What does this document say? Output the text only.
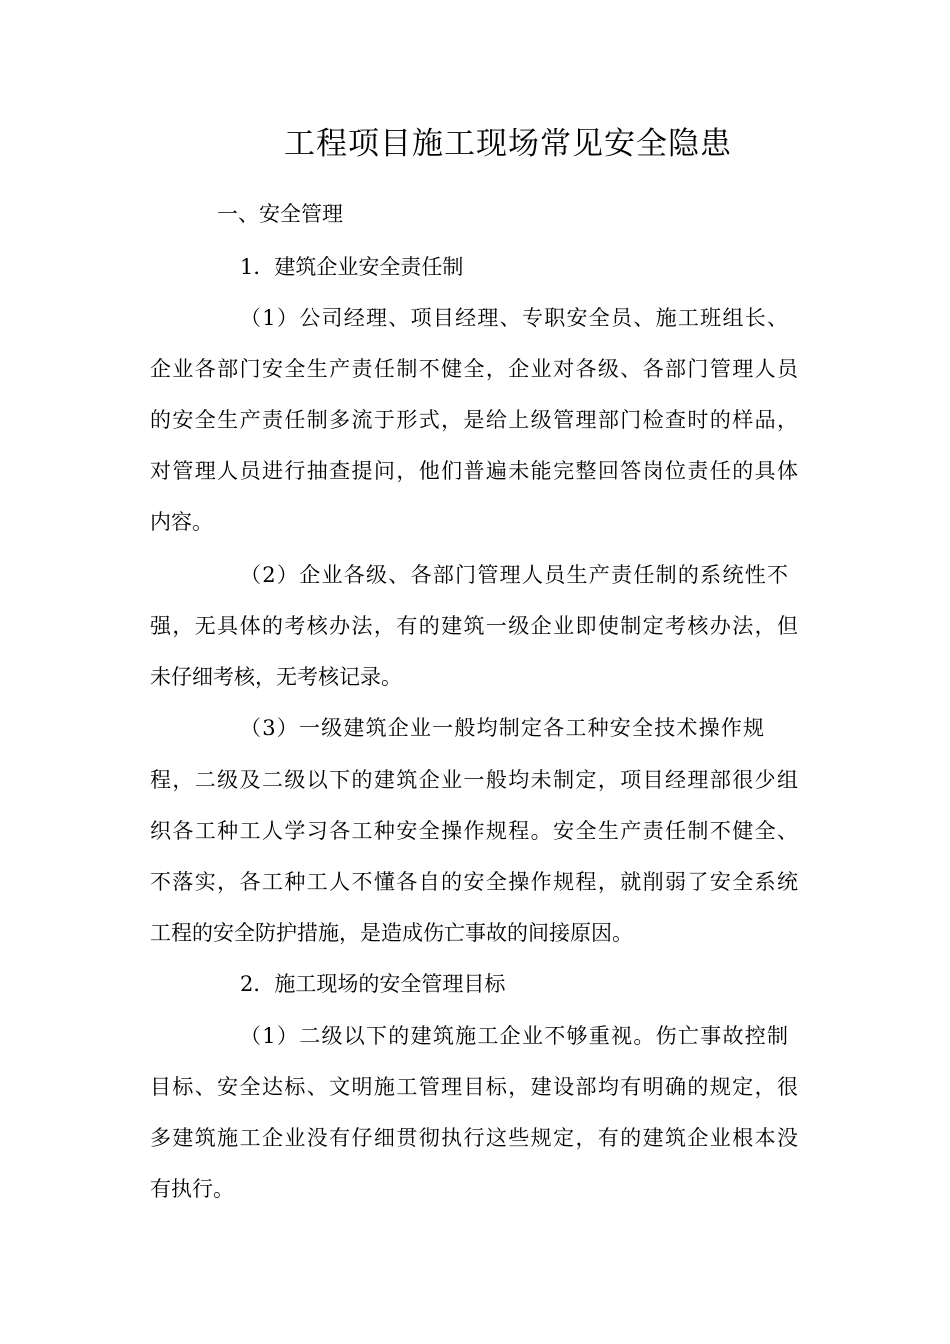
工程项目施工现场常见安全隐患
一、安全管理
1．建筑企业安全责任制
（1）公司经理、项目经理、专职安全员、施工班组长、
企业各部门安全生产责任制不健全，企业对各级、各部门管理人员
的安全生产责任制多流于形式，是给上级管理部门检查时的样品，
对管理人员进行抽查提问，他们普遍未能完整回答岗位责任的具体
内容。
（2）企业各级、各部门管理人员生产责任制的系统性不
强，无具体的考核办法，有的建筑一级企业即使制定考核办法，但
未仔细考核，无考核记录。
（3）一级建筑企业一般均制定各工种安全技术操作规
程，二级及二级以下的建筑企业一般均未制定，项目经理部很少组
织各工种工人学习各工种安全操作规程。安全生产责任制不健全、
不落实，各工种工人不懂各自的安全操作规程，就削弱了安全系统
工程的安全防护措施，是造成伤亡事故的间接原因。
2．施工现场的安全管理目标
（1）二级以下的建筑施工企业不够重视。伤亡事故控制
目标、安全达标、文明施工管理目标，建设部均有明确的规定，很
多建筑施工企业没有仔细贯彻执行这些规定，有的建筑企业根本没
有执行。
